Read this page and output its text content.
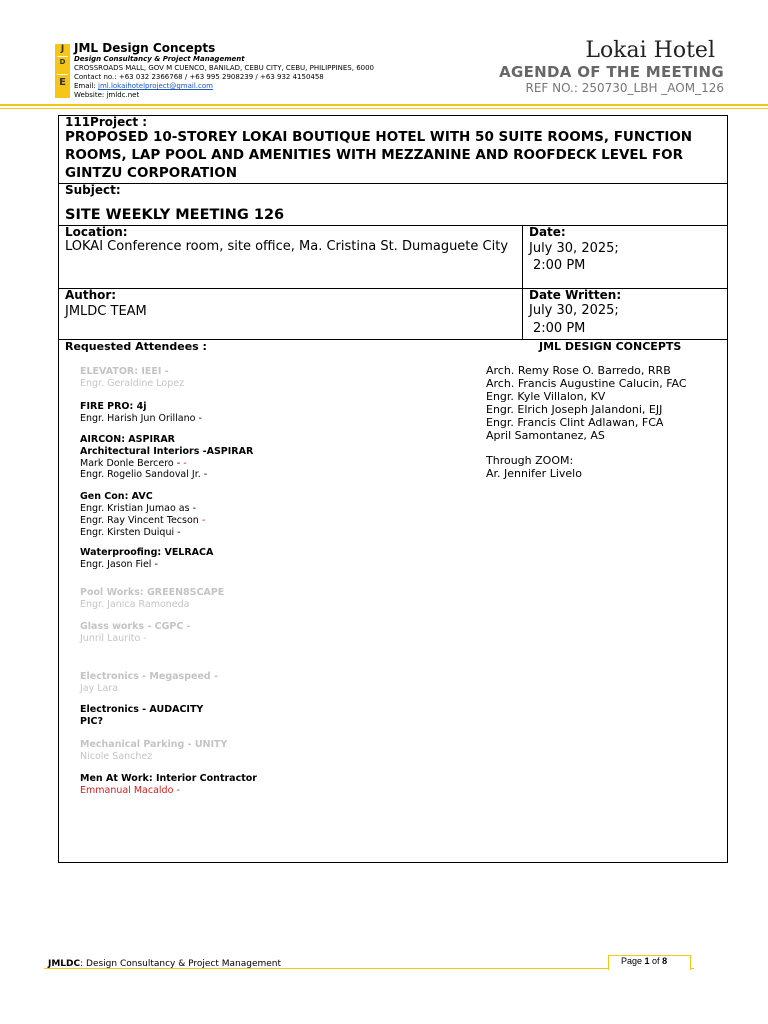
J
D
E
JML Design Concepts
Design Consultancy & Project Management
CROSSROADS MALL, GOV M CUENCO, BANILAD, CEBU CITY, CEBU, PHILIPPINES, 6000
Contact no.: +63 032 2366768 / +63 995 2908239 / +63 932 4150458
Email: jml.lokaihotelproject@gmail.com
Website: jmldc.net
Lokai Hotel
AGENDA OF THE MEETING
REF NO.: 250730_LBH _AOM_126
111Project :
PROPOSED 10-STOREY LOKAI BOUTIQUE HOTEL WITH 50 SUITE ROOMS, FUNCTION ROOMS, LAP POOL AND AMENITIES WITH MEZZANINE AND ROOFDECK LEVEL FOR GINTZU CORPORATION
Subject:
SITE WEEKLY MEETING 126
Location:
LOKAI Conference room, site office, Ma. Cristina St. Dumaguete City
Date:
July 30, 2025;
2:00 PM
Author:
JMLDC TEAM
Date Written:
July 30, 2025;
2:00 PM
Requested Attendees :	JML DESIGN CONCEPTS
ELEVATOR: IEEI -
Engr. Geraldine Lopez
FIRE PRO: 4j
Engr. Harish Jun Orillano -
AIRCON: ASPIRAR
Architectural Interiors -ASPIRAR
Mark Donle Bercero - -
Engr. Rogelio Sandoval Jr. -
Gen Con: AVC
Engr. Kristian Jumao as -
Engr. Ray Vincent Tecson -
Engr. Kirsten Duiqui -
Waterproofing: VELRACA
Engr. Jason Fiel -
Pool Works: GREEN8SCAPE
Engr. Janica Ramoneda
Glass works - CGPC -
Junril Laurito -
Electronics - Megaspeed -
Jay Lara
Electronics - AUDACITY
PIC?
Mechanical Parking - UNITY
Nicole Sanchez
Men At Work: Interior Contractor
Emmanual Macaldo -
Arch. Remy Rose O. Barredo, RRB
Arch. Francis Augustine Calucin, FAC
Engr. Kyle Villalon, KV
Engr. Elrich Joseph Jalandoni, EJJ
Engr. Francis Clint Adlawan, FCA
April Samontanez, AS
Through ZOOM:
Ar. Jennifer Livelo
JMLDC: Design Consultancy & Project Management	Page 1 of 8
